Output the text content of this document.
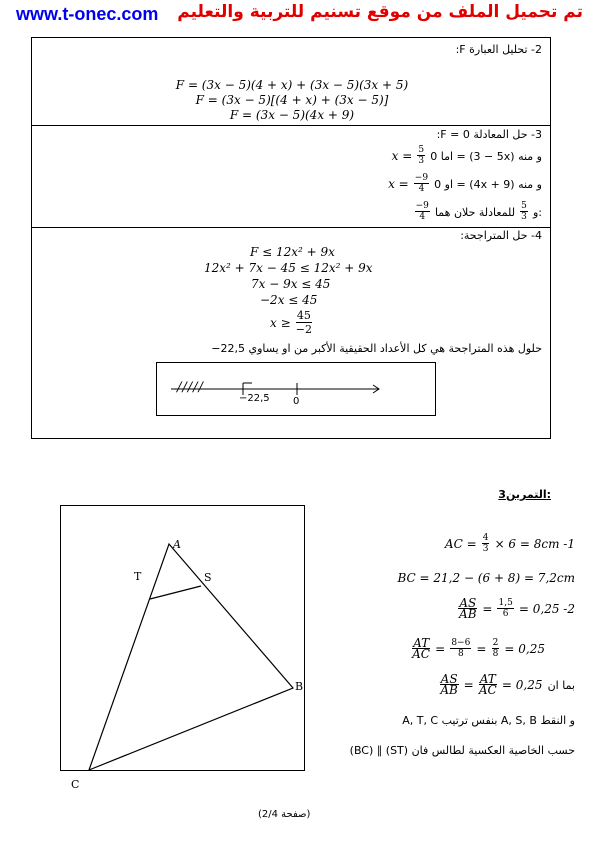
www.t-onec.com تم تحميل الملف من موقع تسنيم للتربية والتعليم
2- تحليل العبارة F:
F = (3x − 5)(4 + x) + (3x − 5)(3x + 5)
F = (3x − 5)[(4 + x) + (3x − 5)]
F = (3x − 5)(4x + 9)
3- حل المعادلة F = 0:
$x = \frac{5}{3}$ اما 0 = (5 − 3x) و منه
$x = \frac{-9}{4}$ او 0 = (4x + 9) و منه
$\frac{-9}{4}$	و
$\frac{5}{3}$
للمعادلة حلان هما:
4- حل المتراجحة:
F ≤ 12x² + 9x
12x² + 7x − 45 ≤ 12x² + 9x
7x − 9x ≤ 45
−2x ≤ 45
$x \ge \frac{45}{-2}$
حلول هذه المتراجحة هي كل الأعداد الحقيقية الأكبر من او يساوي 22,5−
/////
−22,5 0
التمرين3:
A
T	S
B
C
AC = $\frac{4}{3} \times 6 = 8cm$ -1
BC = 21,2 − (6 + 8) = 7,2cm
$\frac{AS}{AB} = \frac{1,5}{6} = 0,25$ -2
$\frac{AT}{AC} = \frac{8-6}{8} = \frac{2}{8} = 0,25$
$\frac{AS}{AB} = \frac{AT}{AC} = 0,25$ بما ان
و النقط A, S, B بنفس ترتيب A, T, C
حسب الخاصية العكسية لطالس فان (ST) ∥ (BC)
(صفحة 2/4)
